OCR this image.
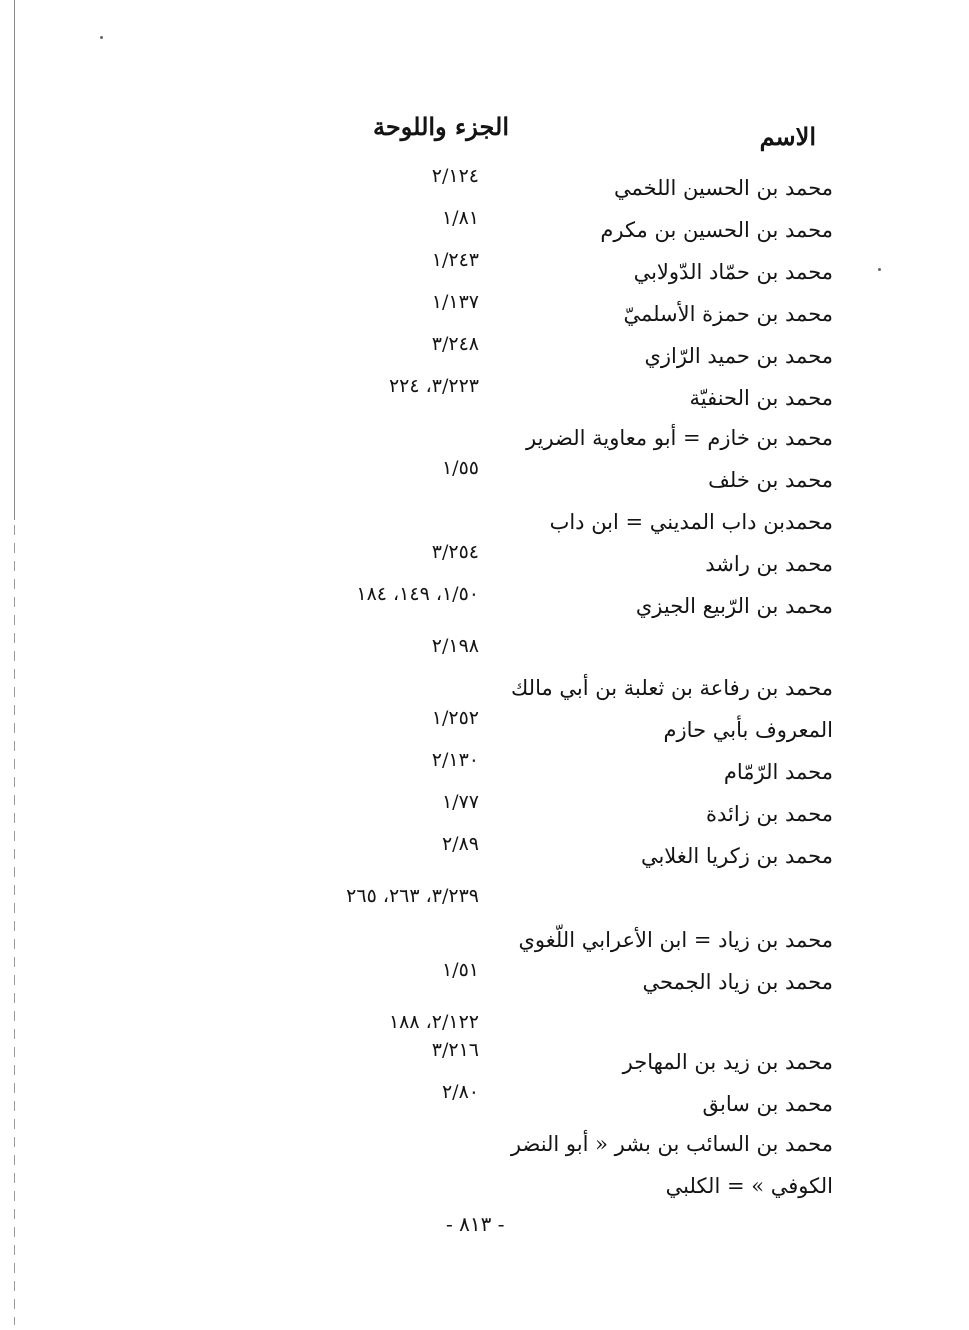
الاسم
الجزء واللوحة
محمد بن الحسين اللخمي
٢/١٢٤
محمد بن الحسين بن مكرم
١/٨١
محمد بن حمّاد الدّولابي
١/٢٤٣
محمد بن حمزة الأسلميّ
١/١٣٧
محمد بن حميد الرّازي
٣/٢٤٨
محمد بن الحنفيّة
٣/٢٢٣، ٢٢٤
محمد بن خازم = أبو معاوية الضرير
محمد بن خلف
١/٥٥
محمدبن داب المديني = ابن داب
محمد بن راشد
٣/٢٥٤
محمد بن الرّبيع الجيزي
١/٥٠، ١٤٩، ١٨٤
٢/١٩٨
محمد بن رفاعة بن ثعلبة بن أبي مالك
المعروف بأبي حازم
١/٢٥٢
محمد الرّمّام
٢/١٣٠
محمد بن زائدة
١/٧٧
محمد بن زكريا الغلابي
٢/٨٩
٣/٢٣٩، ٢٦٣، ٢٦٥
محمد بن زياد = ابن الأعرابي اللّغوي
محمد بن زياد الجمحي
١/٥١
٢/١٢٢، ١٨٨
محمد بن زيد بن المهاجر
٣/٢١٦
محمد بن سابق
٢/٨٠
محمد بن السائب بن بشر « أبو النضر
الكوفي » = الكلبي
- ٨١٣ -
